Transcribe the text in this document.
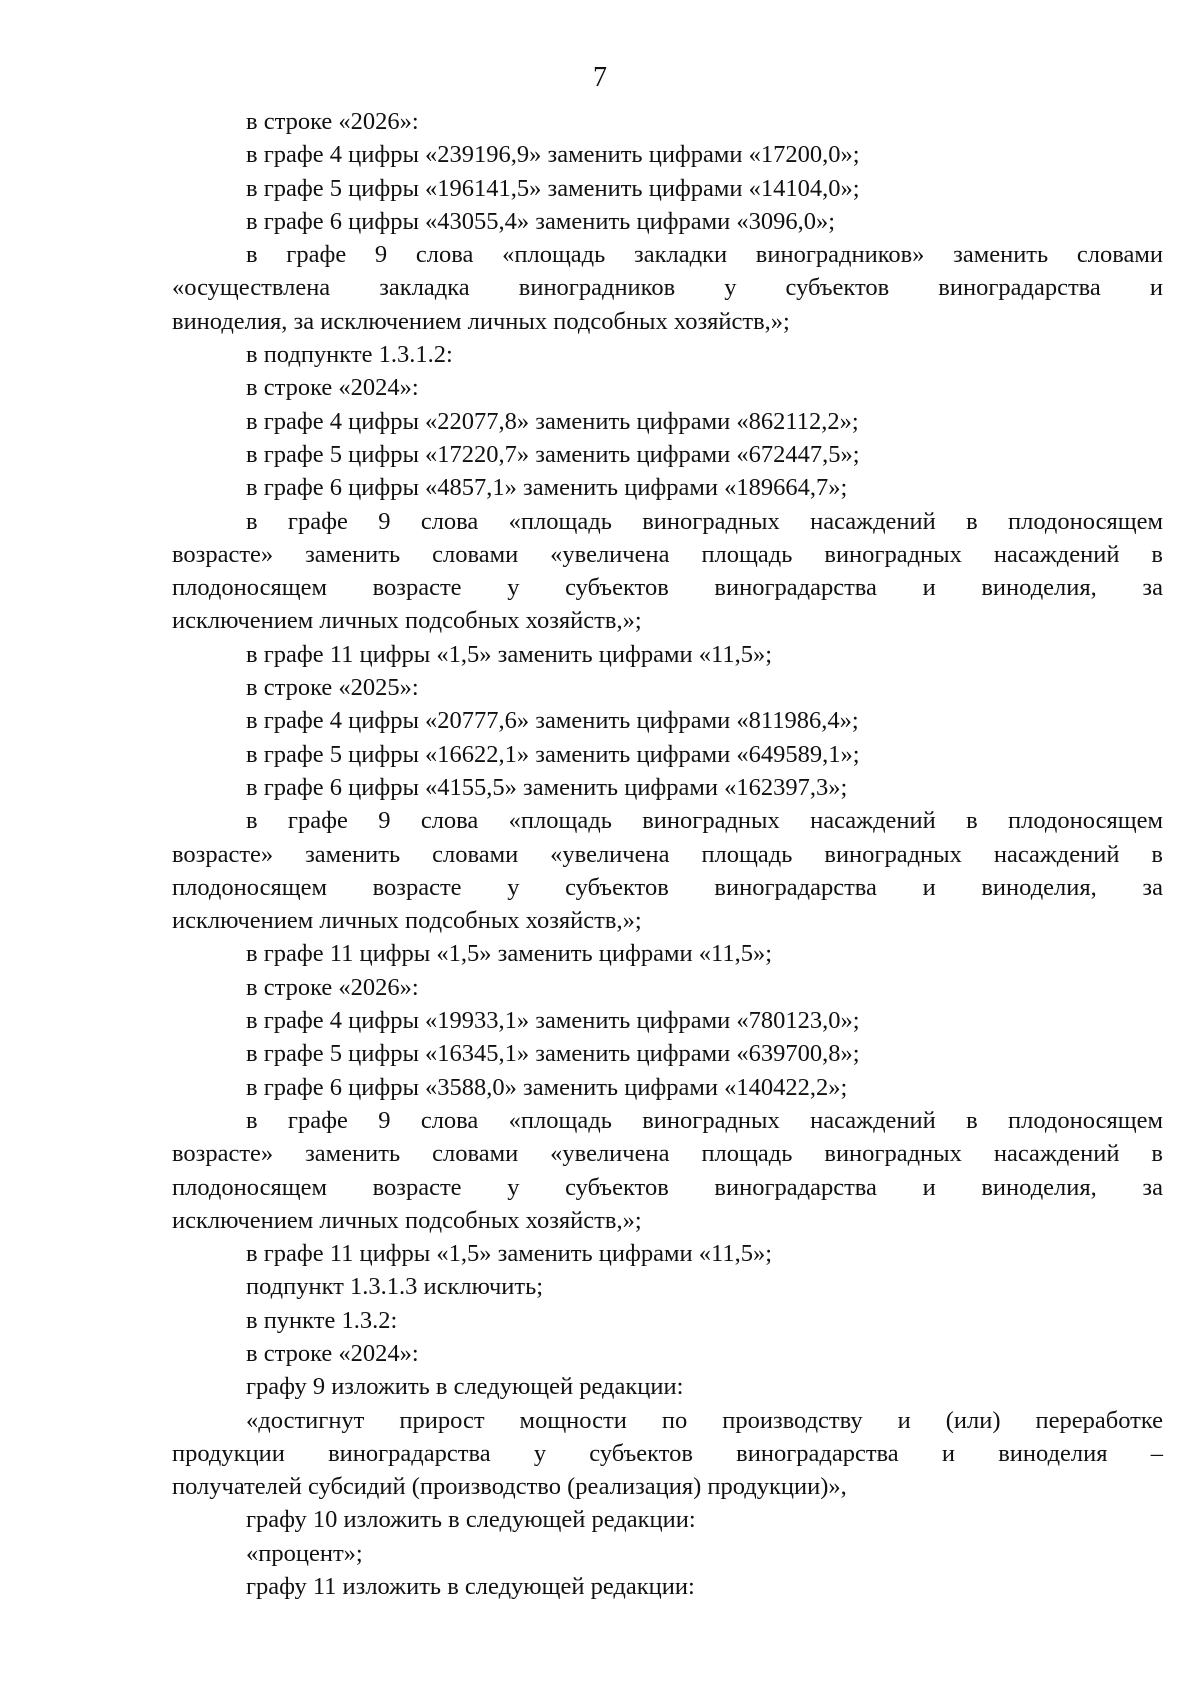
7
в строке «2026»:
в графе 4 цифры «239196,9» заменить цифрами «17200,0»;
в графе 5 цифры «196141,5» заменить цифрами «14104,0»;
в графе 6 цифры «43055,4» заменить цифрами «3096,0»;
в графе 9 слова «площадь закладки виноградников» заменить словами
«осуществлена закладка виноградников у субъектов виноградарства и
виноделия, за исключением личных подсобных хозяйств,»;
в подпункте 1.3.1.2:
в строке «2024»:
в графе 4 цифры «22077,8» заменить цифрами «862112,2»;
в графе 5 цифры «17220,7» заменить цифрами «672447,5»;
в графе 6 цифры «4857,1» заменить цифрами «189664,7»;
в графе 9 слова «площадь виноградных насаждений в плодоносящем
возрасте» заменить словами «увеличена площадь виноградных насаждений в
плодоносящем возрасте у субъектов виноградарства и виноделия, за
исключением личных подсобных хозяйств,»;
в графе 11 цифры «1,5» заменить цифрами «11,5»;
в строке «2025»:
в графе 4 цифры «20777,6» заменить цифрами «811986,4»;
в графе 5 цифры «16622,1» заменить цифрами «649589,1»;
в графе 6 цифры «4155,5» заменить цифрами «162397,3»;
в графе 9 слова «площадь виноградных насаждений в плодоносящем
возрасте» заменить словами «увеличена площадь виноградных насаждений в
плодоносящем возрасте у субъектов виноградарства и виноделия, за
исключением личных подсобных хозяйств,»;
в графе 11 цифры «1,5» заменить цифрами «11,5»;
в строке «2026»:
в графе 4 цифры «19933,1» заменить цифрами «780123,0»;
в графе 5 цифры «16345,1» заменить цифрами «639700,8»;
в графе 6 цифры «3588,0» заменить цифрами «140422,2»;
в графе 9 слова «площадь виноградных насаждений в плодоносящем
возрасте» заменить словами «увеличена площадь виноградных насаждений в
плодоносящем возрасте у субъектов виноградарства и виноделия, за
исключением личных подсобных хозяйств,»;
в графе 11 цифры «1,5» заменить цифрами «11,5»;
подпункт 1.3.1.3 исключить;
в пункте 1.3.2:
в строке «2024»:
графу 9 изложить в следующей редакции:
«достигнут прирост мощности по производству и (или) переработке
продукции виноградарства у субъектов виноградарства и виноделия –
получателей субсидий (производство (реализация) продукции)»,
графу 10 изложить в следующей редакции:
«процент»;
графу 11 изложить в следующей редакции:
